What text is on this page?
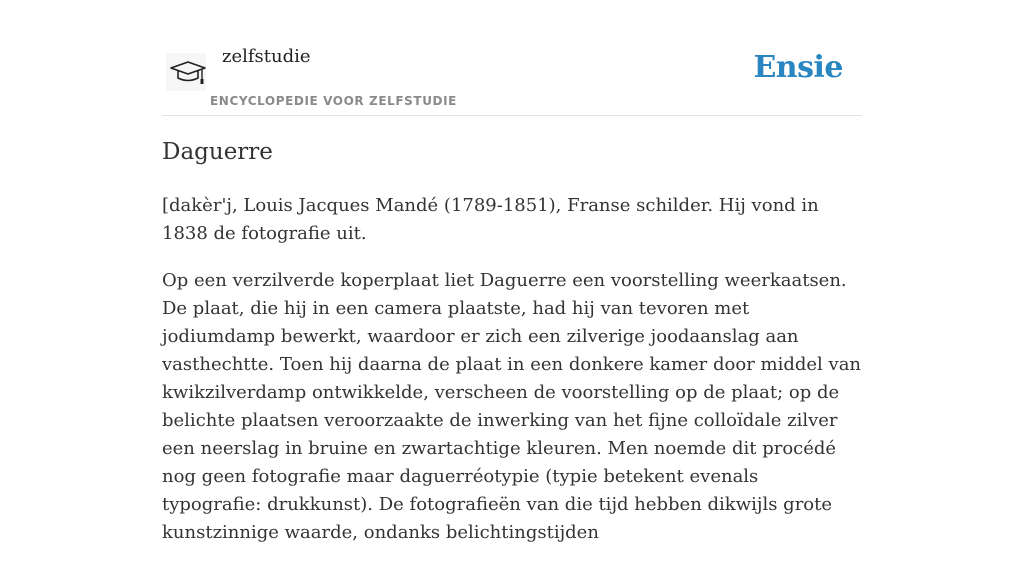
zelfstudie
ENCYCLOPEDIE VOOR ZELFSTUDIE
Ensie
Daguerre

[dakèr'j, Louis Jacques Mandé (1789-1851), Franse schilder. Hij vond in 1838 de fotografie uit.

Op een verzilverde koperplaat liet Daguerre een voorstelling weerkaatsen. De plaat, die hij in een camera plaatste, had hij van tevoren met jodiumdamp bewerkt, waardoor er zich een zilverige joodaanslag aan vasthechtte. Toen hij daarna de plaat in een donkere kamer door middel van kwikzilverdamp ontwikkelde, verscheen de voorstelling op de plaat; op de belichte plaatsen veroorzaakte de inwerking van het fijne colloïdale zilver een neerslag in bruine en zwartachtige kleuren. Men noemde dit procédé nog geen fotografie maar daguerréotypie (typie betekent evenals typografie: drukkunst). De fotografieën van die tijd hebben dikwijls grote kunstzinnige waarde, ondanks belichtingstijden
